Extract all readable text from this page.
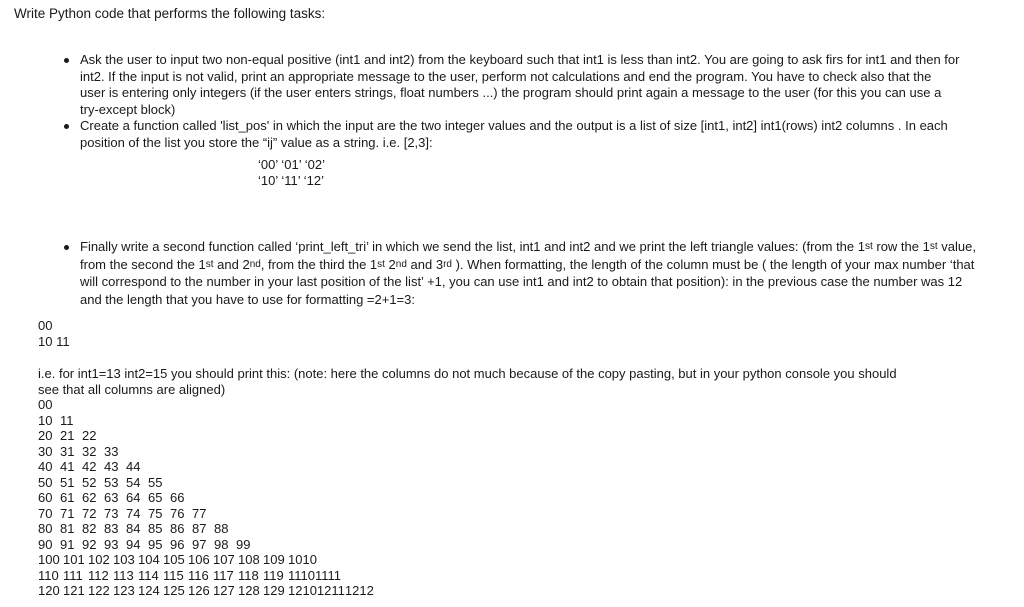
Write Python code that performs the following tasks:
Ask the user to input two non-equal positive (int1 and int2) from the keyboard such that int1 is less than int2. You are going to ask firs for int1 and then for int2. If the input is not valid, print an appropriate message to the user, perform not calculations and end the program. You have to check also that the user is entering only integers (if the user enters strings, float numbers ...) the program should print again a message to the user (for this you can use a try-except block)
Create a function called 'list_pos' in which the input are the two integer values and the output is a list of size [int1, int2] int1(rows) int2 columns . In each position of the list you store the “ij” value as a string. i.e. [2,3]:
‘00’ ‘01’ ‘02’
‘10’ ‘11’ ‘12’
Finally write a second function called ‘print_left_tri’ in which we send the list, int1 and int2 and we print the left triangle values: (from the 1st row the 1st value, from the second the 1st and 2nd, from the third the 1st 2nd and 3rd ). When formatting, the length of the column must be ( the length of your max number ‘that will correspond to the number in your last position of the list’ +1, you can use int1 and int2 to obtain that position): in the previous case the number was 12 and the length that you have to use for formatting =2+1=3:
00
10 11
i.e. for int1=13 int2=15 you should print this: (note: here the columns do not much because of the copy pasting, but in your python console you should see that all columns are aligned)
00
10 11
20 21 22
30 31 32 33
40 41 42 43 44
50 51 52 53 54 55
60 61 62 63 64 65 66
70 71 72 73 74 75 76 77
80 81 82 83 84 85 86 87 88
90 91 92 93 94 95 96 97 98 99
100 101 102 103 104 105 106 107 108 109 1010
110 111 112 113 114 115 116 117 118 119 11101111
120 121 122 123 124 125 126 127 128 129 121012111212
